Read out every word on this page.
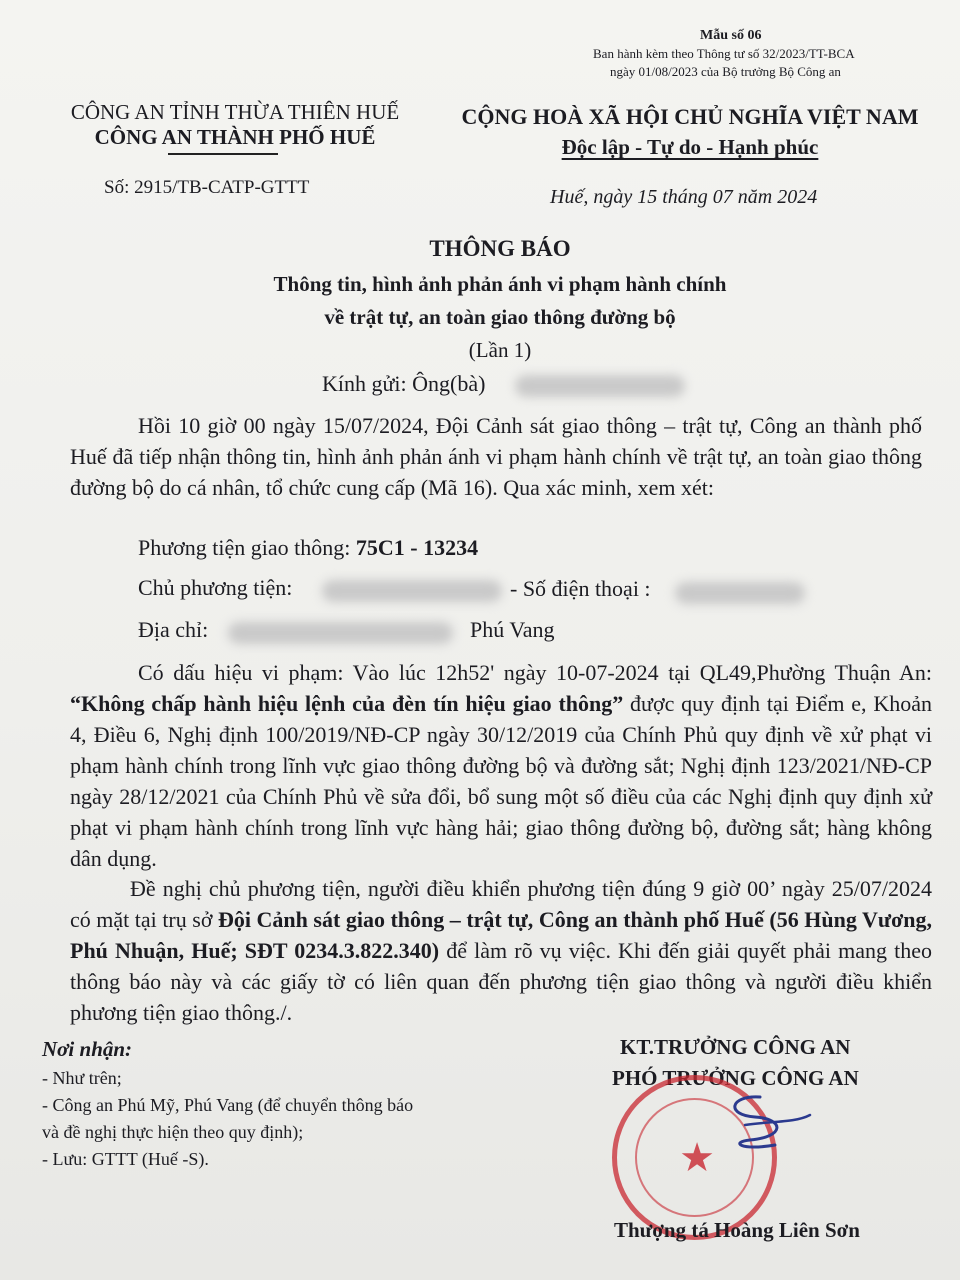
Mẫu số 06
Ban hành kèm theo Thông tư số 32/2023/TT-BCA
ngày 01/08/2023 của Bộ trưởng Bộ Công an
CÔNG AN TỈNH THỪA THIÊN HUẾ
CÔNG AN THÀNH PHỐ HUẾ
Số: 2915/TB-CATP-GTTT
CỘNG HOÀ XÃ HỘI CHỦ NGHĨA VIỆT NAM
Độc lập - Tự do - Hạnh phúc
Huế, ngày 15 tháng 07 năm 2024
THÔNG BÁO
Thông tin, hình ảnh phản ánh vi phạm hành chính
về trật tự, an toàn giao thông đường bộ
(Lần 1)
Kính gửi: Ông(bà)
Hồi 10 giờ 00 ngày 15/07/2024, Đội Cảnh sát giao thông – trật tự, Công an thành phố Huế đã tiếp nhận thông tin, hình ảnh phản ánh vi phạm hành chính về trật tự, an toàn giao thông đường bộ do cá nhân, tổ chức cung cấp (Mã 16). Qua xác minh, xem xét:
Phương tiện giao thông: 75C1 - 13234
Chủ phương tiện:	- Số điện thoại :
Địa chỉ:	Phú Vang
Có dấu hiệu vi phạm: Vào lúc 12h52' ngày 10-07-2024 tại QL49,Phường Thuận An: “Không chấp hành hiệu lệnh của đèn tín hiệu giao thông” được quy định tại Điểm e, Khoản 4, Điều 6, Nghị định 100/2019/NĐ-CP ngày 30/12/2019 của Chính Phủ quy định về xử phạt vi phạm hành chính trong lĩnh vực giao thông đường bộ và đường sắt; Nghị định 123/2021/NĐ-CP ngày 28/12/2021 của Chính Phủ về sửa đổi, bổ sung một số điều của các Nghị định quy định xử phạt vi phạm hành chính trong lĩnh vực hàng hải; giao thông đường bộ, đường sắt; hàng không dân dụng.
Đề nghị chủ phương tiện, người điều khiển phương tiện đúng 9 giờ 00’ ngày 25/07/2024 có mặt tại trụ sở Đội Cảnh sát giao thông – trật tự, Công an thành phố Huế (56 Hùng Vương, Phú Nhuận, Huế; SĐT 0234.3.822.340) để làm rõ vụ việc. Khi đến giải quyết phải mang theo thông báo này và các giấy tờ có liên quan đến phương tiện giao thông và người điều khiển phương tiện giao thông./.
Nơi nhận:
- Như trên;
- Công an Phú Mỹ, Phú Vang (để chuyển thông báo
và đề nghị thực hiện theo quy định);
- Lưu: GTTT (Huế -S).
KT.TRƯỞNG CÔNG AN
PHÓ TRƯỞNG CÔNG AN
★
Thượng tá Hoàng Liên Sơn
